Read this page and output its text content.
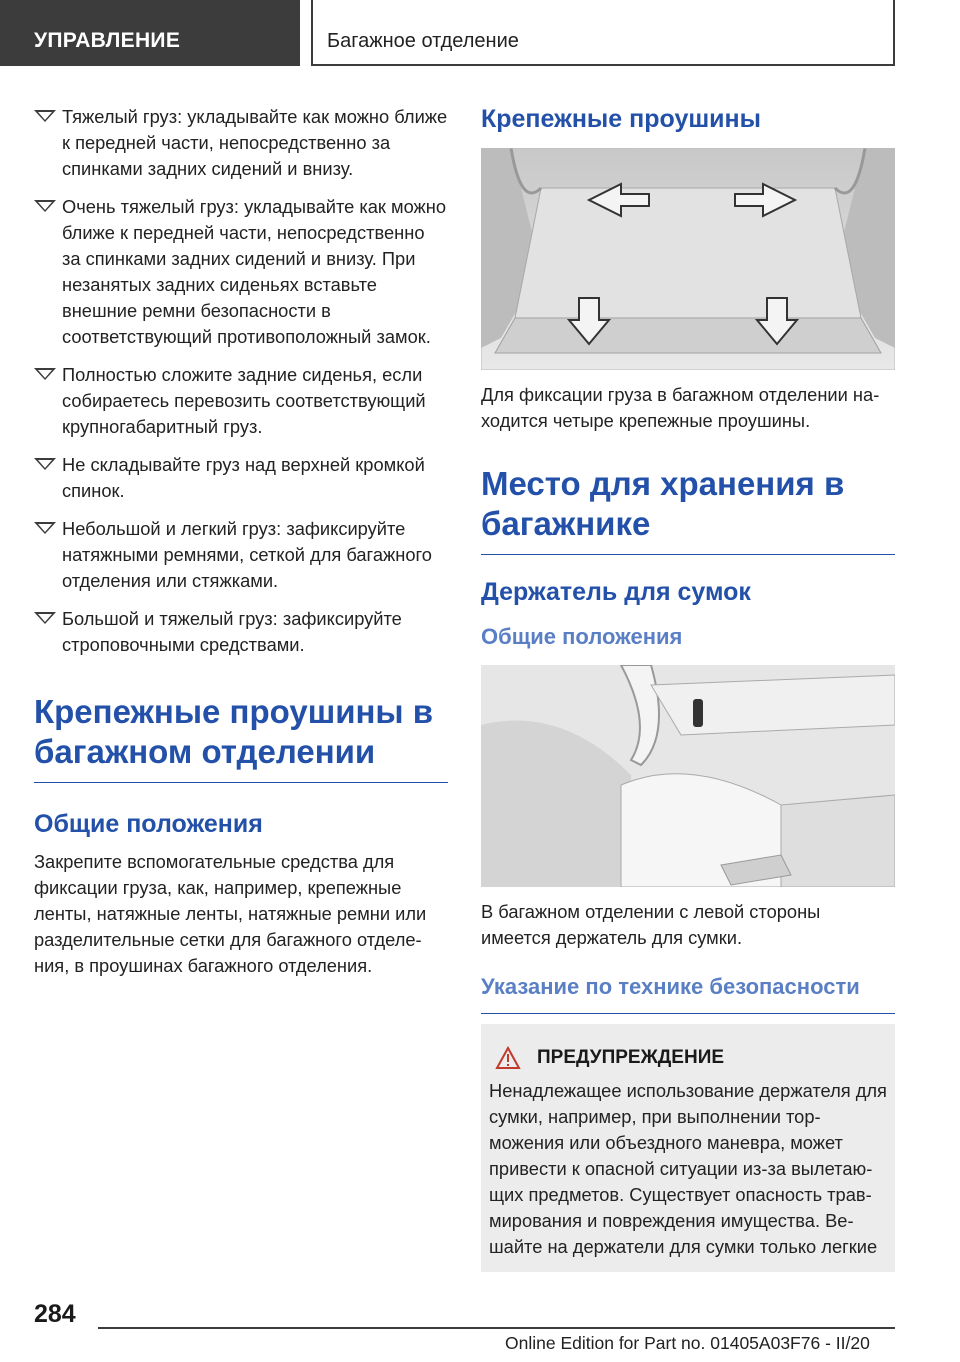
УПРАВЛЕНИЕ	Багажное отделение
Тяжелый груз: укладывайте как можно ближе к передней части, непосредственно за спинками задних сидений и внизу.
Очень тяжелый груз: укладывайте как можно ближе к передней части, непосредственно за спинками задних сидений и внизу. При незанятых задних сиденьях вставьте внешние ремни безопасности в соответствующий противоположный замок.
Полностью сложите задние сиденья, если собираетесь перевозить соответствующий крупногабаритный груз.
Не складывайте груз над верхней кромкой спинок.
Небольшой и легкий груз: зафиксируйте натяжными ремнями, сеткой для багажного отделения или стяжками.
Большой и тяжелый груз: зафиксируйте строповочными средствами.
Крепежные проушины в багажном отделении
Общие положения
Закрепите вспомогательные средства для фиксации груза, как, например, крепежные ленты, натяжные ленты, натяжные ремни или разделительные сетки для багажного отделения, в проушинах багажного отделения.
Крепежные проушины
Для фиксации груза в багажном отделении находится четыре крепежные проушины.
Место для хранения в багажнике
Держатель для сумок
Общие положения
В багажном отделении с левой стороны имеется держатель для сумки.
Указание по технике безопасности
ПРЕДУПРЕЖДЕНИЕ
Ненадлежащее использование держателя для сумки, например, при выполнении торможения или объездного маневра, может привести к опасной ситуации из-за вылетающих предметов. Существует опасность травмирования и повреждения имущества. Вешайте на держатели для сумки только легкие
284
Online Edition for Part no. 01405A03F76 - II/20
